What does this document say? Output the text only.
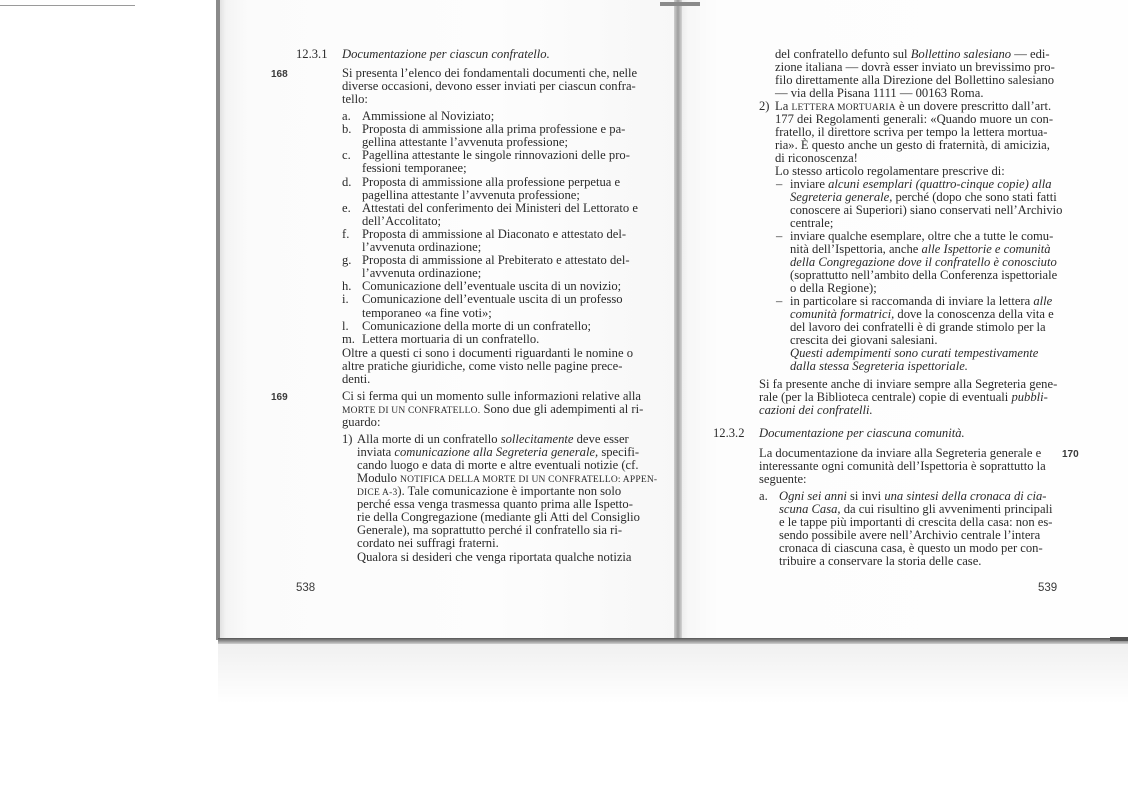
12.3.1 Documentazione per ciascun confratello.
168	Si presenta l’elenco dei fondamentali documenti che, nelle
diverse occasioni, devono esser inviati per ciascun confra-
tello:
a. Ammissione al Noviziato;
b. Proposta di ammissione alla prima professione e pa-
gellina attestante l’avvenuta professione;
c. Pagellina attestante le singole rinnovazioni delle pro-
fessioni temporanee;
d. Proposta di ammissione alla professione perpetua e
pagellina attestante l’avvenuta professione;
e. Attestati del conferimento dei Ministeri del Lettorato e
dell’Accolitato;
f. Proposta di ammissione al Diaconato e attestato del-
l’avvenuta ordinazione;
g. Proposta di ammissione al Prebiterato e attestato del-
l’avvenuta ordinazione;
h. Comunicazione dell’eventuale uscita di un novizio;
i. Comunicazione dell’eventuale uscita di un professo
temporaneo «a fine voti»;
l. Comunicazione della morte di un confratello;
m. Lettera mortuaria di un confratello.
Oltre a questi ci sono i documenti riguardanti le nomine o
altre pratiche giuridiche, come visto nelle pagine prece-
denti.
169	Ci si ferma qui un momento sulle informazioni relative alla
MORTE DI UN CONFRATELLO. Sono due gli adempimenti al ri-
guardo:
1) Alla morte di un confratello sollecitamente deve esser
inviata comunicazione alla Segreteria generale, specifi-
cando luogo e data di morte e altre eventuali notizie (cf.
Modulo NOTIFICA DELLA MORTE DI UN CONFRATELLO: APPEN-
DICE A-3). Tale comunicazione è importante non solo
perché essa venga trasmessa quanto prima alle Ispetto-
rie della Congregazione (mediante gli Atti del Consiglio
Generale), ma soprattutto perché il confratello sia ri-
cordato nei suffragi fraterni.
Qualora si desideri che venga riportata qualche notizia
538
del confratello defunto sul Bollettino salesiano — edi-
zione italiana — dovrà esser inviato un brevissimo pro-
filo direttamente alla Direzione del Bollettino salesiano
— via della Pisana 1111 — 00163 Roma.
2) La LETTERA MORTUARIA è un dovere prescritto dall’art.
177 dei Regolamenti generali: «Quando muore un con-
fratello, il direttore scriva per tempo la lettera mortua-
ria». È questo anche un gesto di fraternità, di amicizia,
di riconoscenza!
Lo stesso articolo regolamentare prescrive di:
– inviare alcuni esemplari (quattro-cinque copie) alla
Segreteria generale, perché (dopo che sono stati fatti
conoscere ai Superiori) siano conservati nell’Archivio
centrale;
– inviare qualche esemplare, oltre che a tutte le comu-
nità dell’Ispettoria, anche alle Ispettorie e comunità
della Congregazione dove il confratello è conosciuto
(soprattutto nell’ambito della Conferenza ispettoriale
o della Regione);
– in particolare si raccomanda di inviare la lettera alle
comunità formatrici, dove la conoscenza della vita e
del lavoro dei confratelli è di grande stimolo per la
crescita dei giovani salesiani.
Questi adempimenti sono curati tempestivamente
dalla stessa Segreteria ispettoriale.
Si fa presente anche di inviare sempre alla Segreteria gene-
rale (per la Biblioteca centrale) copie di eventuali pubbli-
cazioni dei confratelli.
12.3.2 Documentazione per ciascuna comunità.
La documentazione da inviare alla Segreteria generale e 170
interessante ogni comunità dell’Ispettoria è soprattutto la
seguente:
a. Ogni sei anni si invi una sintesi della cronaca di cia-
scuna Casa, da cui risultino gli avvenimenti principali
e le tappe più importanti di crescita della casa: non es-
sendo possibile avere nell’Archivio centrale l’intera
cronaca di ciascuna casa, è questo un modo per con-
tribuire a conservare la storia delle case.
539
